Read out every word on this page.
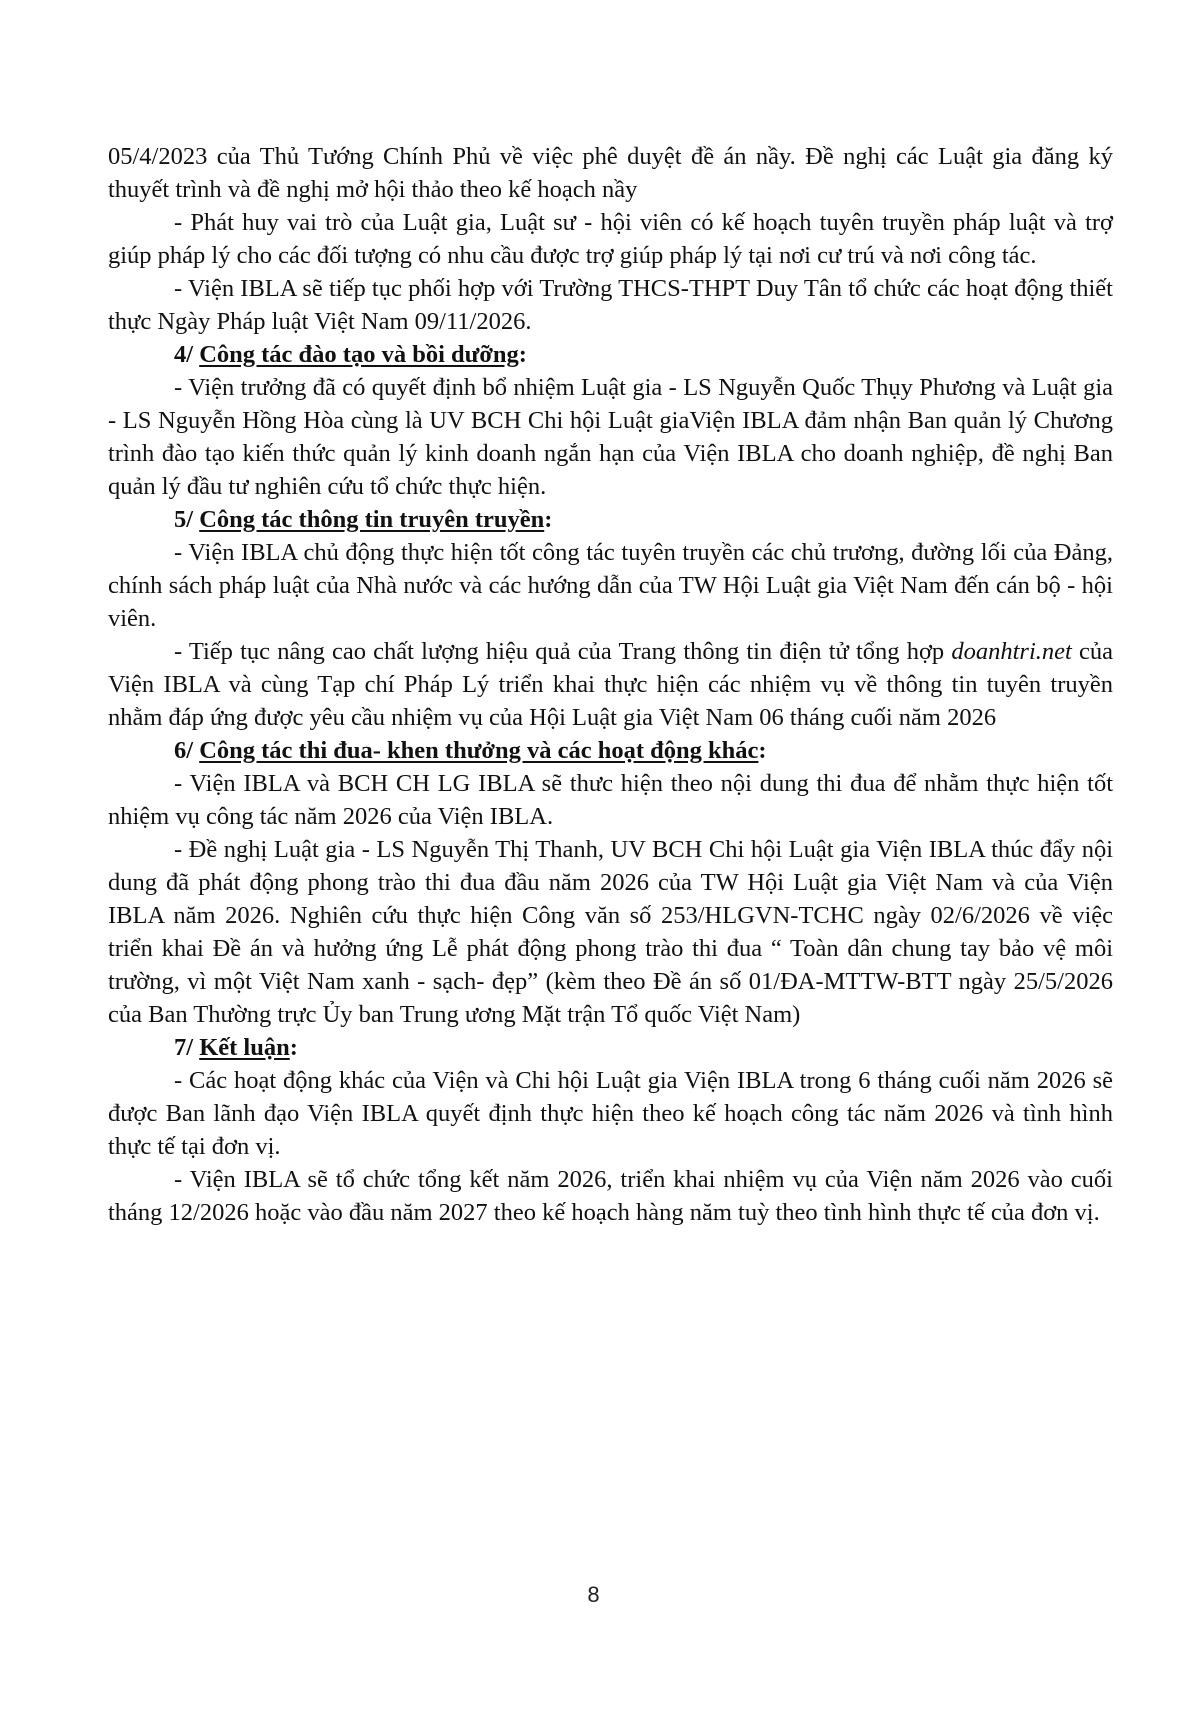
05/4/2023 của Thủ Tướng Chính Phủ về việc phê duyệt đề án nầy. Đề nghị các Luật gia đăng ký thuyết trình và đề nghị mở hội thảo theo kế hoạch nầy

- Phát huy vai trò của Luật gia, Luật sư - hội viên có kế hoạch tuyên truyền pháp luật và trợ giúp pháp lý cho các đối tượng có nhu cầu được trợ giúp pháp lý tại nơi cư trú và nơi công tác.

- Viện IBLA sẽ tiếp tục phối hợp với Trường THCS-THPT Duy Tân tổ chức các hoạt động thiết thực Ngày Pháp luật Việt Nam 09/11/2026.

4/ Công tác đào tạo và bồi dưỡng:

- Viện trưởng đã có quyết định bổ nhiệm Luật gia - LS Nguyễn Quốc Thụy Phương và Luật gia - LS Nguyễn Hồng Hòa cùng là UV BCH Chi hội Luật giaViện IBLA đảm nhận Ban quản lý Chương trình đào tạo kiến thức quản lý kinh doanh ngắn hạn của Viện IBLA cho doanh nghiệp, đề nghị Ban quản lý đầu tư nghiên cứu tổ chức thực hiện.

5/ Công tác thông tin truyên truyền:

- Viện IBLA chủ động thực hiện tốt công tác tuyên truyền các chủ trương, đường lối của Đảng, chính sách pháp luật của Nhà nước và các hướng dẫn của TW Hội Luật gia Việt Nam đến cán bộ - hội viên.

- Tiếp tục nâng cao chất lượng hiệu quả của Trang thông tin điện tử tổng hợp doanhtri.net của Viện IBLA và cùng Tạp chí Pháp Lý triển khai thực hiện các nhiệm vụ về thông tin tuyên truyền nhằm đáp ứng được yêu cầu nhiệm vụ của Hội Luật gia Việt Nam 06 tháng cuối năm 2026

6/ Công tác thi đua- khen thưởng và các hoạt động khác:

- Viện IBLA và BCH CH LG IBLA sẽ thưc hiện theo nội dung thi đua để nhằm thực hiện tốt nhiệm vụ công tác năm 2026 của Viện IBLA.

- Đề nghị Luật gia - LS Nguyễn Thị Thanh, UV BCH Chi hội Luật gia Viện IBLA thúc đẩy nội dung đã phát động phong trào thi đua đầu năm 2026 của TW Hội Luật gia Việt Nam và của Viện IBLA năm 2026. Nghiên cứu thực hiện Công văn số 253/HLGVN-TCHC ngày 02/6/2026 về việc triển khai Đề án và hưởng ứng Lễ phát động phong trào thi đua “ Toàn dân chung tay bảo vệ môi trường, vì một Việt Nam xanh - sạch- đẹp” (kèm theo Đề án số 01/ĐA-MTTW-BTT ngày 25/5/2026 của Ban Thường trực Ủy ban Trung ương Mặt trận Tổ quốc Việt Nam)

7/ Kết luận:

- Các hoạt động khác của Viện và Chi hội Luật gia Viện IBLA trong 6 tháng cuối năm 2026 sẽ được Ban lãnh đạo Viện IBLA quyết định thực hiện theo kế hoạch công tác năm 2026 và tình hình thực tế tại đơn vị.

- Viện IBLA sẽ tổ chức tổng kết năm 2026, triển khai nhiệm vụ của Viện năm 2026 vào cuối tháng 12/2026 hoặc vào đầu năm 2027 theo kế hoạch hàng năm tuỳ theo tình hình thực tế của đơn vị.

8
